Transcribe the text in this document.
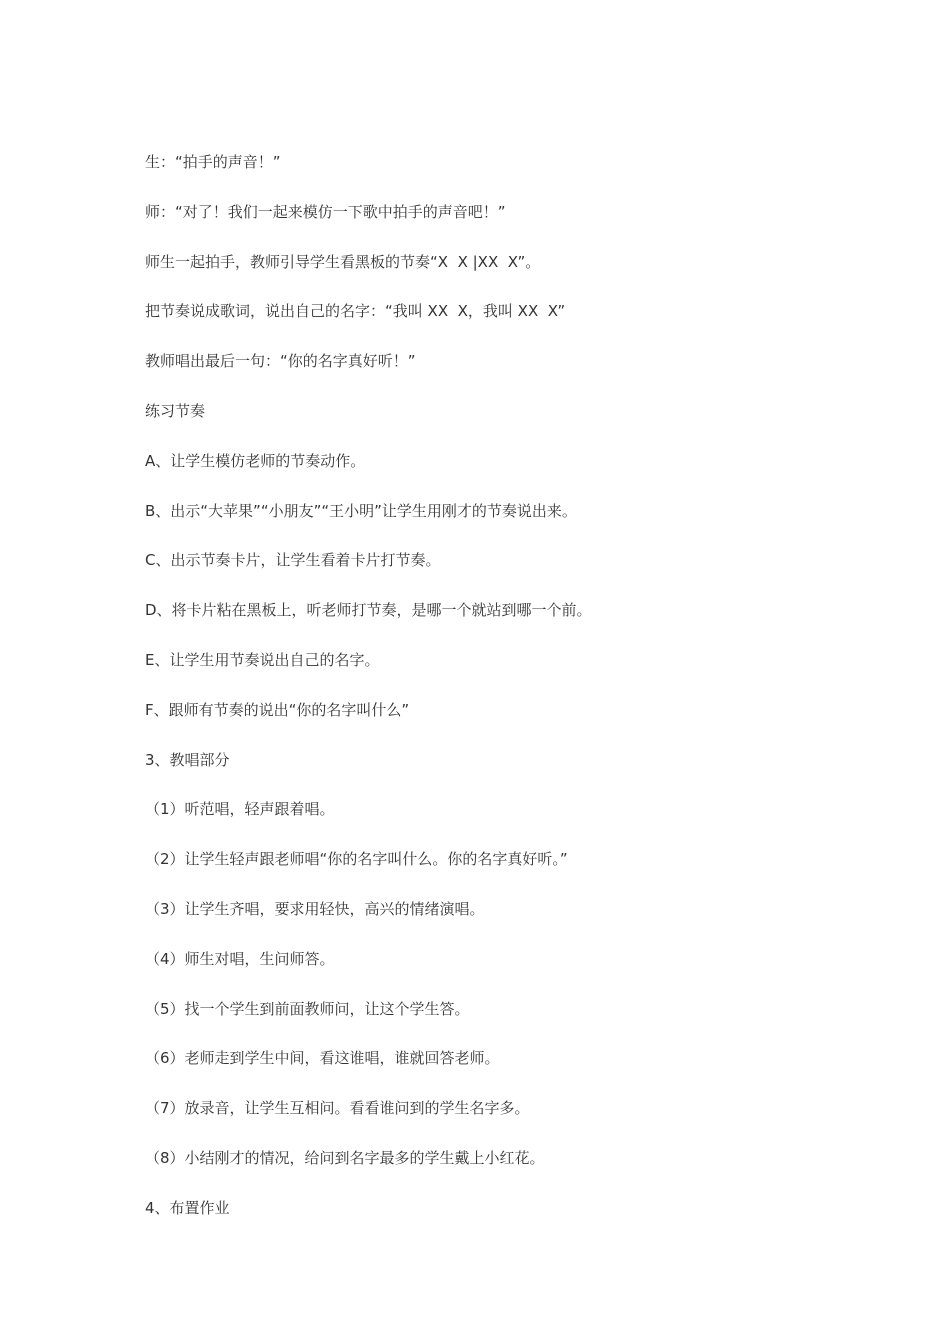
生：“拍手的声音！”

师：“对了！我们一起来模仿一下歌中拍手的声音吧！”

师生一起拍手，教师引导学生看黑板的节奏“X  X |XX  X”。

把节奏说成歌词，说出自己的名字：“我叫 XX  X，我叫 XX  X”

教师唱出最后一句：“你的名字真好听！”

练习节奏

A、让学生模仿老师的节奏动作。

B、出示“大苹果”“小朋友”“王小明”让学生用刚才的节奏说出来。

C、出示节奏卡片，让学生看着卡片打节奏。

D、将卡片粘在黑板上，听老师打节奏，是哪一个就站到哪一个前。

E、让学生用节奏说出自己的名字。

F、跟师有节奏的说出“你的名字叫什么”

3、教唱部分

（1）听范唱，轻声跟着唱。

（2）让学生轻声跟老师唱“你的名字叫什么。你的名字真好听。”

（3）让学生齐唱，要求用轻快，高兴的情绪演唱。

（4）师生对唱，生问师答。

（5）找一个学生到前面教师问，让这个学生答。

（6）老师走到学生中间，看这谁唱，谁就回答老师。

（7）放录音，让学生互相问。看看谁问到的学生名字多。

（8）小结刚才的情况，给问到名字最多的学生戴上小红花。

4、布置作业
